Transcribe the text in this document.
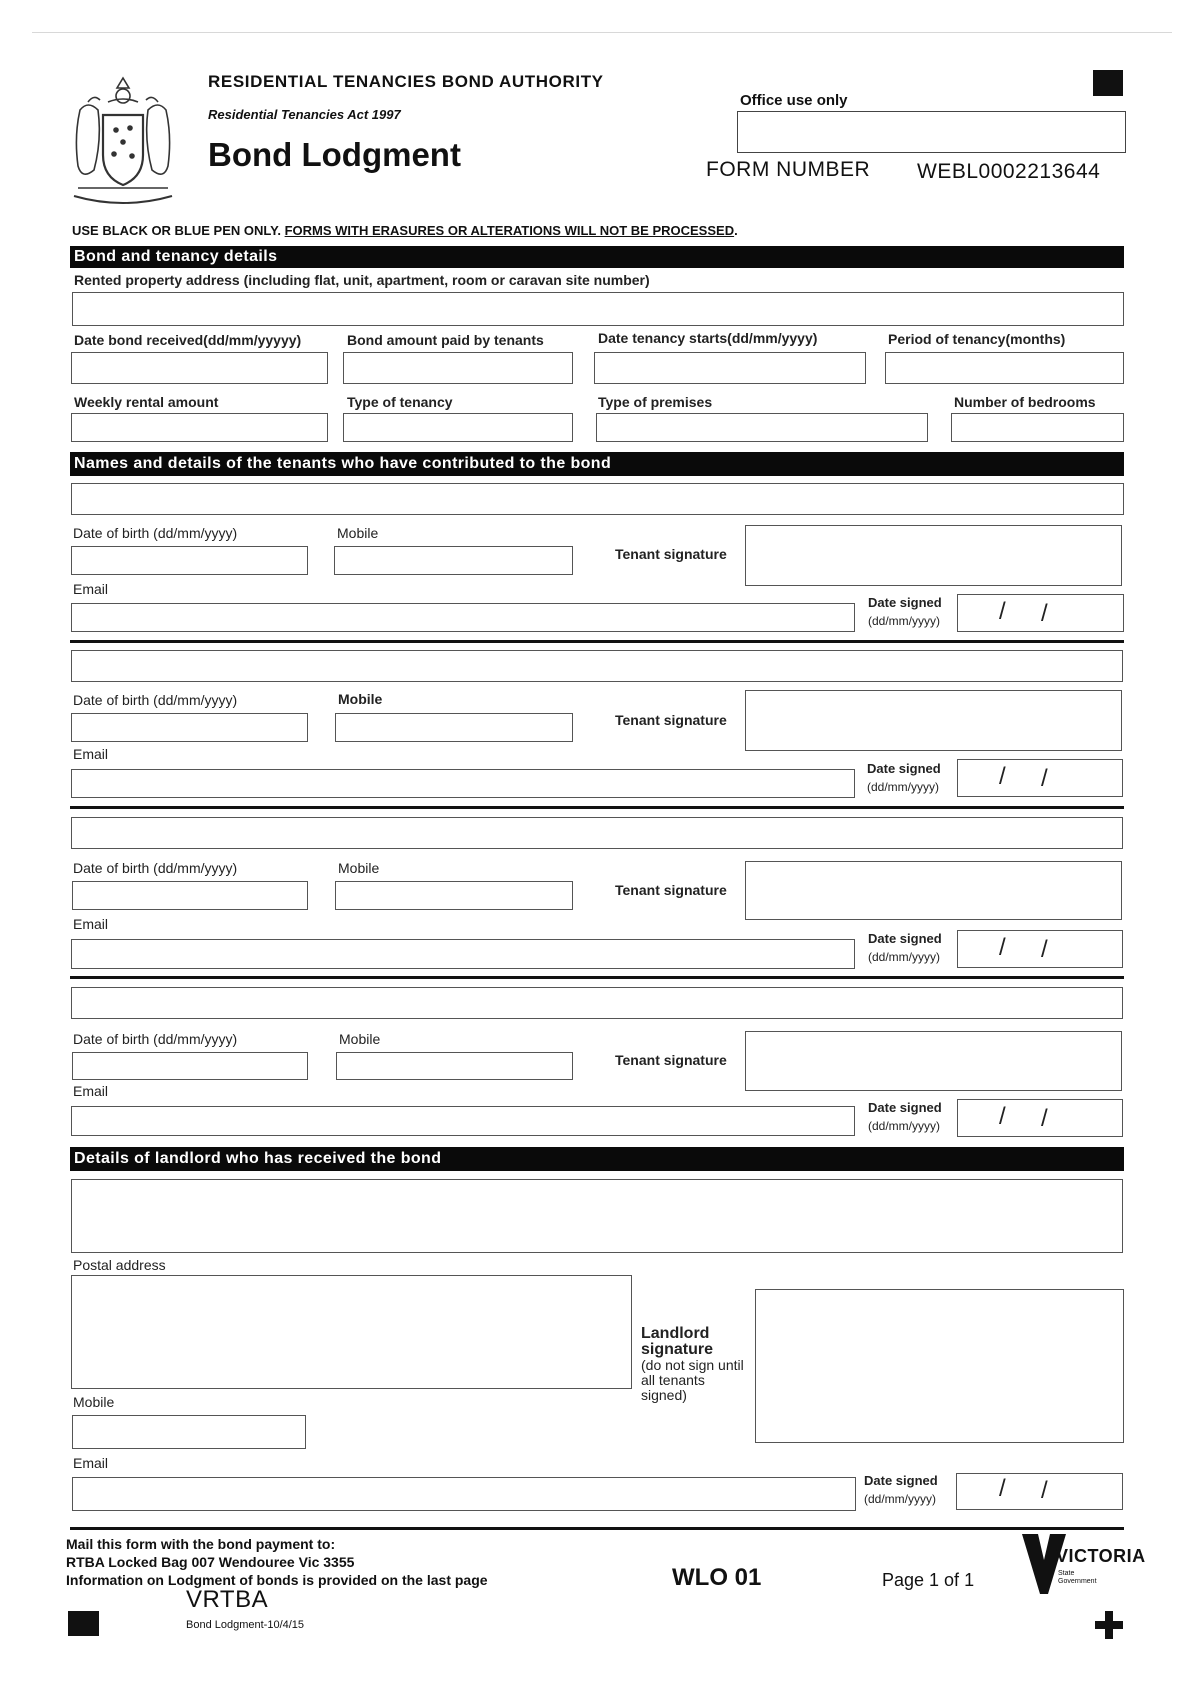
RESIDENTIAL TENANCIES BOND AUTHORITY
Residential Tenancies Act 1997
Bond Lodgment
Office use only
FORM NUMBER WEBL0002213644
USE BLACK OR BLUE PEN ONLY. FORMS WITH ERASURES OR ALTERATIONS WILL NOT BE PROCESSED.
Bond and tenancy details
Rented property address (including flat, unit, apartment, room or caravan site number)
Date bond received(dd/mm/yyyyy)	Bond amount paid by tenants	Date tenancy starts(dd/mm/yyyy)	Period of tenancy(months)
Weekly rental amount	Type of tenancy	Type of premises	Number of bedrooms
Names and details of the tenants who have contributed to the bond
Date of birth (dd/mm/yyyy)	Mobile
Tenant signature
Email
Date signed
(dd/mm/yyyy) / /
Date of birth (dd/mm/yyyy)	Mobile
Tenant signature
Email
Date signed
(dd/mm/yyyy)	/ /
Date of birth (dd/mm/yyyy)	Mobile
Tenant signature
Email
Date signed
(dd/mm/yyyy) / /
Date of birth (dd/mm/yyyy)	Mobile
Tenant signature
Email
Date signed
(dd/mm/yyyy) / /
Details of landlord who has received the bond
Postal address
Landlord
signature
(do not sign until
all tenants
signed)
Mobile
Email
Date signed
(dd/mm/yyyy)	/ /
Mail this form with the bond payment to:
RTBA Locked Bag 007 Wendouree Vic 3355
Information on Lodgment of bonds is provided on the last page	WLO 01	Page 1 of 1
VICTORIA
State
Government
VRTBA
Bond Lodgment-10/4/15
